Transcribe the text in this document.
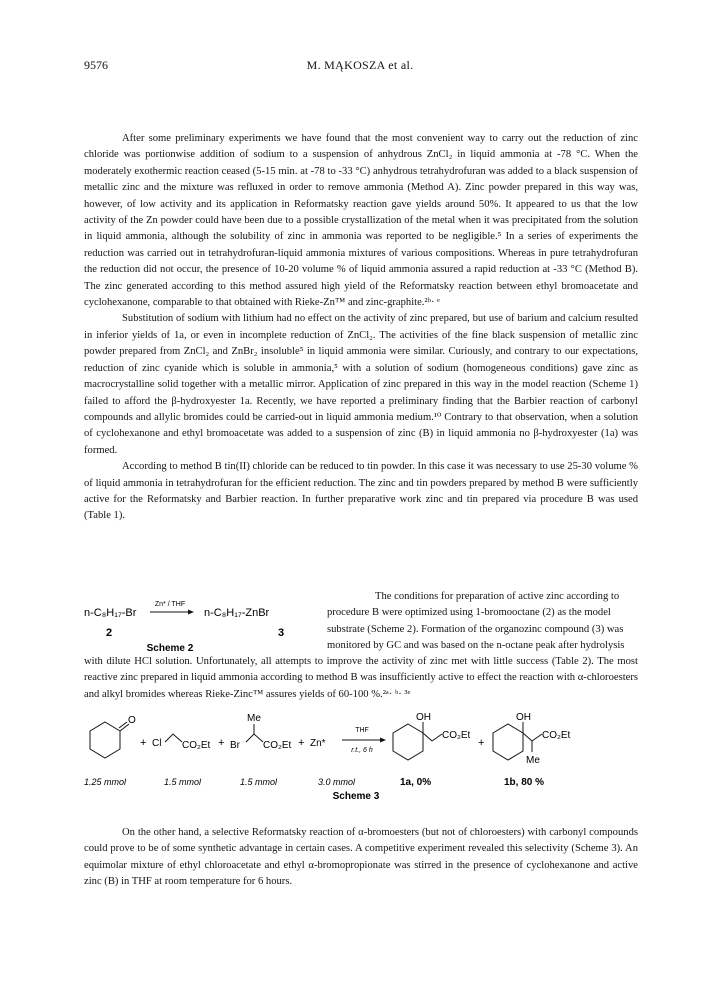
9576	M. MĄKOSZA et al.

After some preliminary experiments we have found that the most convenient way to carry out the reduction of zinc chloride was portionwise addition of sodium to a suspension of anhydrous ZnCl₂ in liquid ammonia at -78 °C. When the moderately exothermic reaction ceased (5-15 min. at -78 to -33 °C) anhydrous tetrahydrofuran was added to a black suspension of metallic zinc and the mixture was refluxed in order to remove ammonia (Method A). Zinc powder prepared in this way was, however, of low activity and its application in Reformatsky reaction gave yields around 50%. It appeared to us that the low activity of the Zn powder could have been due to a possible crystallization of the metal when it was precipitated from the solution in liquid ammonia, although the solubility of zinc in ammonia was reported to be negligible.⁵ In a series of experiments the reduction was carried out in tetrahydrofuran-liquid ammonia mixtures of various compositions. Whereas in pure tetrahydrofuran the reduction did not occur, the presence of 10-20 volume % of liquid ammonia assured a rapid reduction at -33 °C (Method B). The zinc generated according to this method assured high yield of the Reformatsky reaction between ethyl bromoacetate and cyclohexanone, comparable to that obtained with Rieke-Zn™ and zinc-graphite.²ʰ· ᵉ

Substitution of sodium with lithium had no effect on the activity of zinc prepared, but use of barium and calcium resulted in inferior yields of 1a, or even in incomplete reduction of ZnCl₂. The activities of the fine black suspension of metallic zinc powder prepared from ZnCl₂ and ZnBr₂ insoluble⁵ in liquid ammonia were similar. Curiously, and contrary to our expectations, reduction of zinc cyanide which is soluble in ammonia,⁵ with a solution of sodium (homogeneous conditions) gave zinc as macrocrystalline solid together with a metallic mirror. Application of zinc prepared in this way in the model reaction (Scheme 1) failed to afford the β-hydroxyester 1a. Recently, we have reported a preliminary finding that the Barbier reaction of carbonyl compounds and allylic bromides could be carried-out in liquid ammonia medium.¹⁰ Contrary to that observation, when a solution of cyclohexanone and ethyl bromoacetate was added to a suspension of zinc (B) in liquid ammonia no β-hydroxyester (1a) was formed.

According to method B tin(II) chloride can be reduced to tin powder. In this case it was necessary to use 25-30 volume % of liquid ammonia in tetrahydrofuran for the efficient reduction. The zinc and tin powders prepared by method B were sufficiently active for the Reformatsky and Barbier reaction. In further preparative work zinc and tin prepared via procedure B was used (Table 1).

n-C₈H₁₇-Br
Zn* / THF
n-C₈H₁₇-ZnBr
2	3
Scheme 2
The conditions for preparation of active zinc according to
procedure B were optimized using 1-bromooctane (2) as the model
substrate (Scheme 2). Formation of the organozinc compound (3) was
monitored by GC and was based on the n-octane peak after hydrolysis

with dilute HCl solution. Unfortunately, all attempts to improve the activity of zinc met with little success (Table 2). The most reactive zinc prepared in liquid ammonia according to method B was insufficiently active to effect the reaction with α-chloroesters and alkyl bromides whereas Rieke-Zinc™ assures yields of 60-100 %.²ᵃ· ᵇ· ³ᵉ

O
+ Cl CO₂Et + Br
Me
CO₂Et + Zn*
THF
r.t., 6 h
OH
CO₂Et
+
OH
CO₂Et
Me
1.25 mmol	1.5 mmol	1.5 mmol	3.0 mmol	1a, 0%	1b, 80 %
Scheme 3

On the other hand, a selective Reformatsky reaction of α-bromoesters (but not of chloroesters) with carbonyl compounds could prove to be of some synthetic advantage in certain cases. A competitive experiment revealed this selectivity (Scheme 3). An equimolar mixture of ethyl chloroacetate and ethyl α-bromopropionate was stirred in the presence of cyclohexanone and active zinc (B) in THF at room temperature for 6 hours.
